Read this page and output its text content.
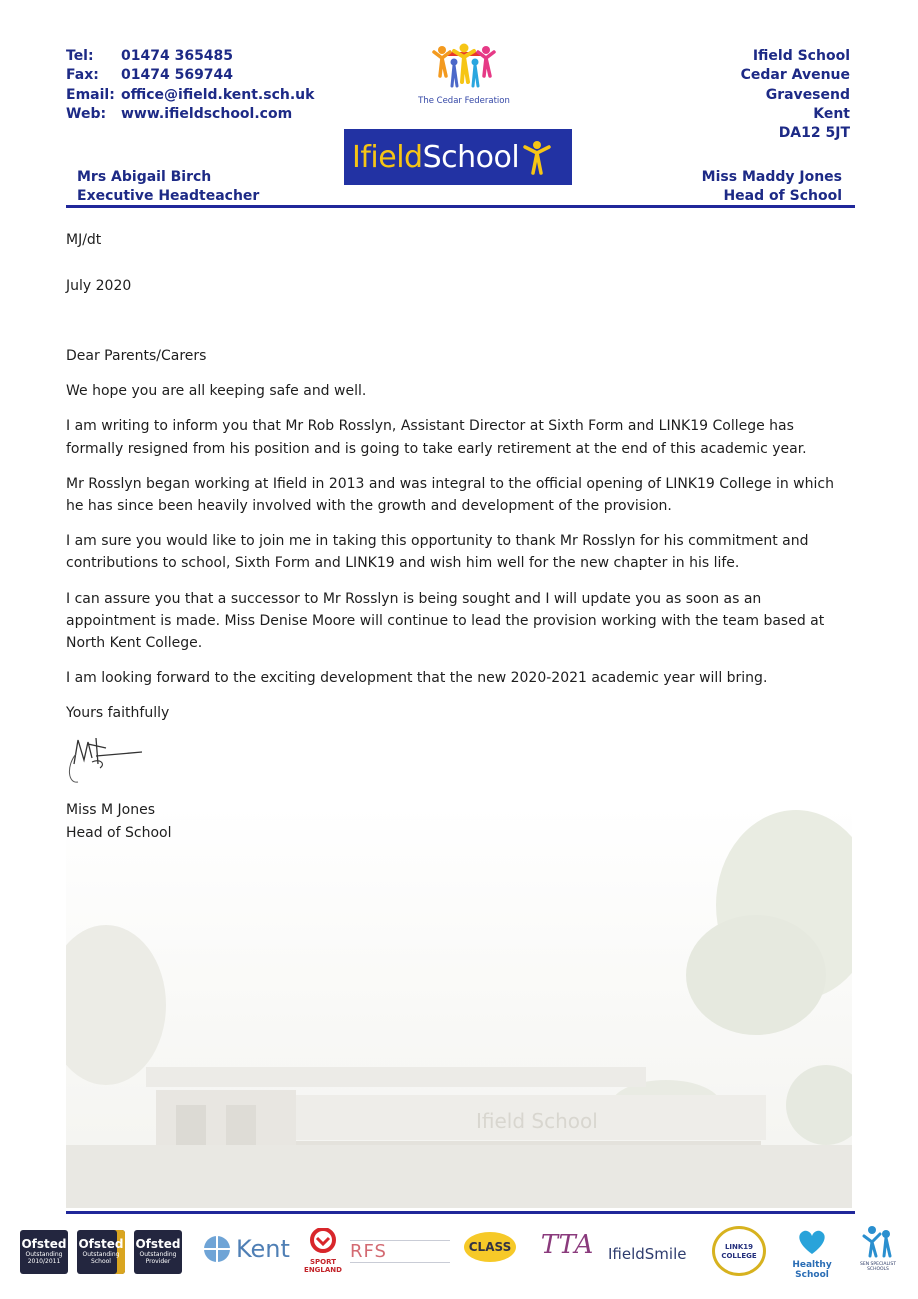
Tel:	01474 365485
Fax:	01474 569744
Email: office@ifield.kent.sch.uk
Web:	www.ifieldschool.com
The Cedar Federation
Ifield School
Cedar Avenue
Gravesend
Kent
DA12 5JT
Ifield School
Mrs Abigail Birch
Executive Headteacher
Miss Maddy Jones
Head of School
Ifield School
MJ/dt
July 2020

Dear Parents/Carers

We hope you are all keeping safe and well.

I am writing to inform you that Mr Rob Rosslyn, Assistant Director at Sixth Form and LINK19 College has formally resigned from his position and is going to take early retirement at the end of this academic year.

Mr Rosslyn began working at Ifield in 2013 and was integral to the official opening of LINK19 College in which he has since been heavily involved with the growth and development of the provision.

I am sure you would like to join me in taking this opportunity to thank Mr Rosslyn for his commitment and contributions to school, Sixth Form and LINK19 and wish him well for the new chapter in his life.

I can assure you that a successor to Mr Rosslyn is being sought and I will update you as soon as an appointment is made. Miss Denise Moore will continue to lead the provision working with the team based at North Kent College.

I am looking forward to the exciting development that the new 2020-2021 academic year will bring.

Yours faithfully

Miss M Jones
Head of School
Ofsted
Outstanding
2010/2011
Ofsted
Outstanding
School
Ofsted
Outstanding
Provider	Kent	SPORT ENGLAND
RFS	CLASS	TTA IfieldSmile	LINK19 COLLEGE
Healthy School
SEN SPECIALIST SCHOOLS
